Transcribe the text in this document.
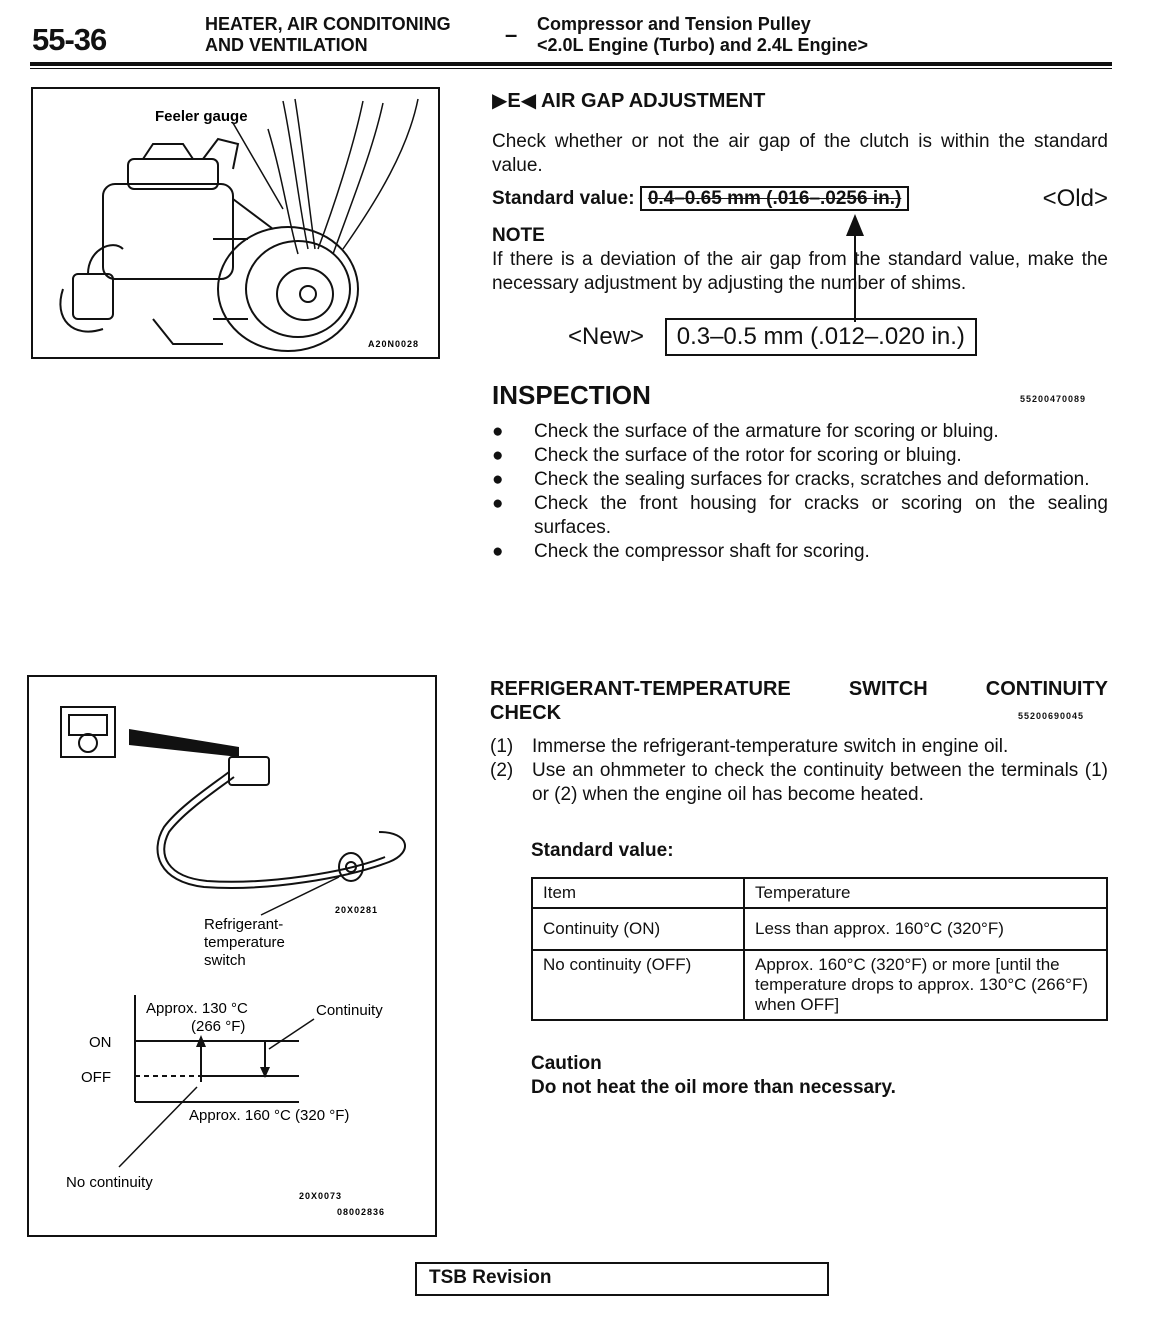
55-36	HEATER, AIR CONDITONING
AND VENTILATION	– Compressor and Tension Pulley
<2.0L Engine (Turbo) and 2.4L Engine>
Feeler gauge
A20N0028
▶E◀ AIR GAP ADJUSTMENT
Check whether or not the air gap of the clutch is within the standard value.
Standard value: 0.4–0.65 mm (.016–.0256 in.)	<Old>
NOTE
If there is a deviation of the air gap from the standard value, make the necessary adjustment by adjusting the number of shims.
<New> 0.3–0.5 mm (.012–.020 in.)
INSPECTION	55200470089
● Check the surface of the armature for scoring or bluing.
● Check the surface of the rotor for scoring or bluing.
● Check the sealing surfaces for cracks, scratches and deformation.
● Check the front housing for cracks or scoring on the sealing surfaces.
● Check the compressor shaft for scoring.
20X0281
Refrigerant-
temperature
switch
Approx. 130 °C
(266 °F)
Continuity
ON
OFF
Approx. 160 °C (320 °F)
No continuity
20X0073
08002836
REFRIGERANT-TEMPERATURE SWITCH CONTINUITY
CHECK	55200690045
(1) Immerse the refrigerant-temperature switch in engine oil.
(2) Use an ohmmeter to check the continuity between the terminals (1) or (2) when the engine oil has become heated.
Standard value:
Item	Temperature
Continuity (ON)	Less than approx. 160°C (320°F)
No continuity (OFF)	Approx. 160°C (320°F) or more [until the temperature drops to approx. 130°C (266°F) when OFF]
Caution
Do not heat the oil more than necessary.
TSB Revision
